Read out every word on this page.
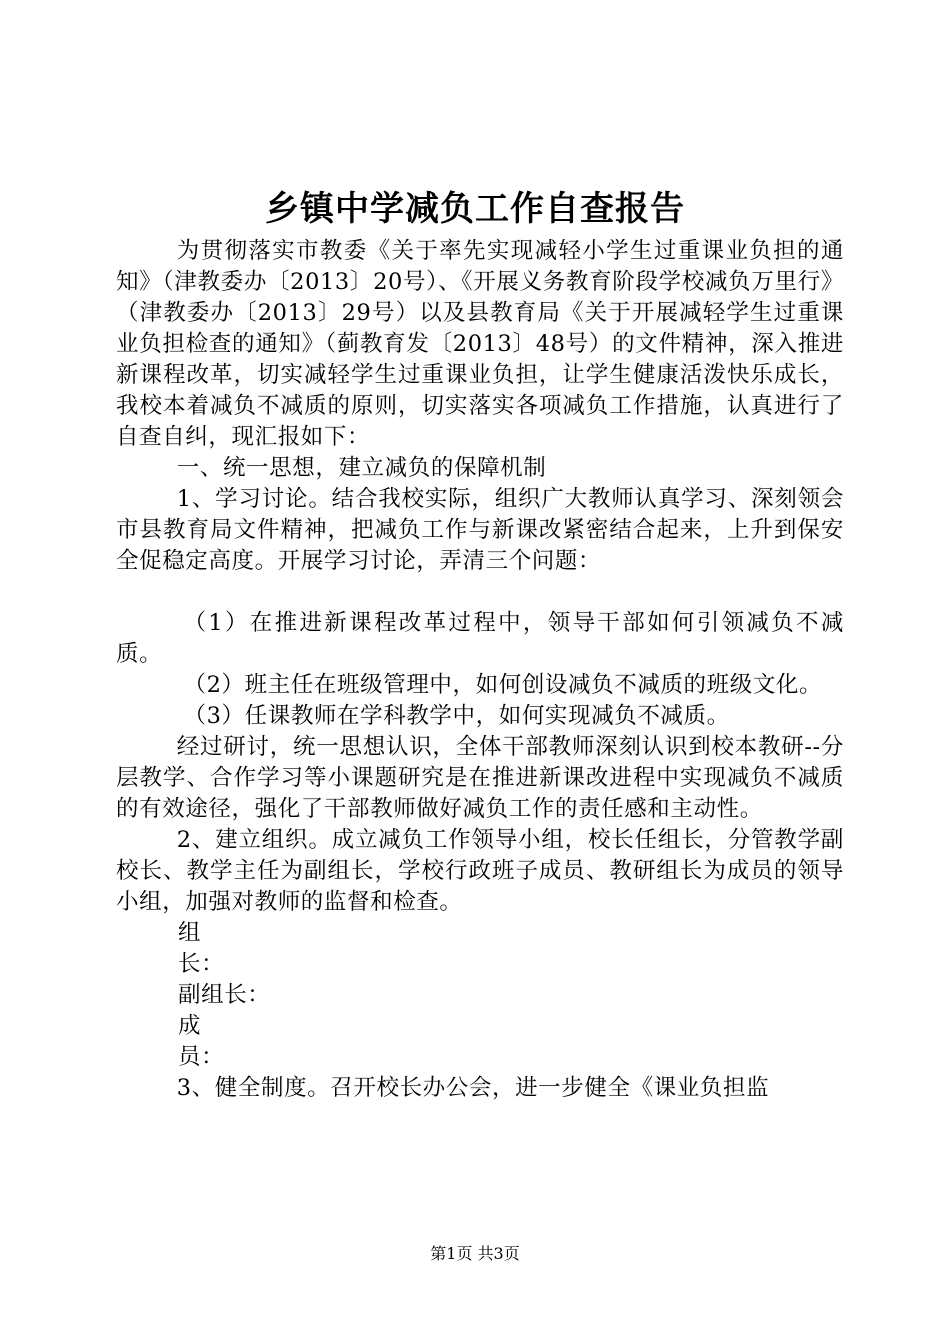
乡镇中学减负工作自查报告

为贯彻落实市教委《关于率先实现减轻小学生过重课业负担的通知》（津教委办〔2013〕20号）、《开展义务教育阶段学校减负万里行》（津教委办〔2013〕29号）以及县教育局《关于开展减轻学生过重课业负担检查的通知》（蓟教育发〔2013〕48号）的文件精神，深入推进新课程改革，切实减轻学生过重课业负担，让学生健康活泼快乐成长，我校本着减负不减质的原则，切实落实各项减负工作措施，认真进行了自查自纠，现汇报如下：

一、统一思想，建立减负的保障机制

1、学习讨论。结合我校实际，组织广大教师认真学习、深刻领会市县教育局文件精神，把减负工作与新课改紧密结合起来，上升到保安全促稳定高度。开展学习讨论，弄清三个问题：

（1）在推进新课程改革过程中，领导干部如何引领减负不减质。

（2）班主任在班级管理中，如何创设减负不减质的班级文化。

（3）任课教师在学科教学中，如何实现减负不减质。

经过研讨，统一思想认识，全体干部教师深刻认识到校本教研--分层教学、合作学习等小课题研究是在推进新课改进程中实现减负不减质的有效途径，强化了干部教师做好减负工作的责任感和主动性。

2、建立组织。成立减负工作领导小组，校长任组长，分管教学副校长、教学主任为副组长，学校行政班子成员、教研组长为成员的领导小组，加强对教师的监督和检查。

组长：
副组长：
成员：

3、健全制度。召开校长办公会，进一步健全《课业负担监

第1页 共3页
